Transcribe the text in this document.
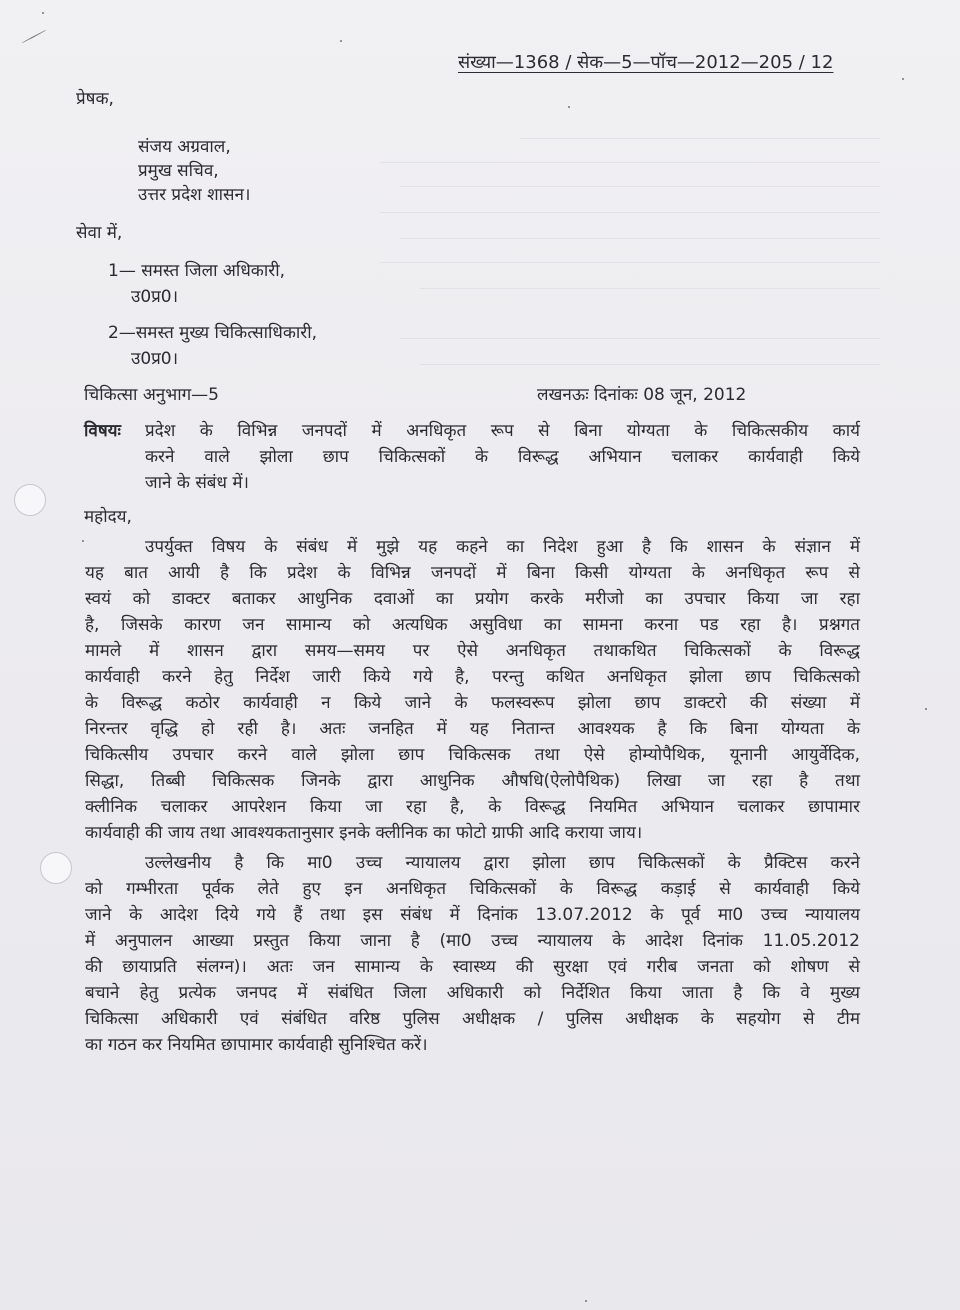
संख्या—1368 / सेक—5—पॉच—2012—205 / 12
प्रेषक,
संजय अग्रवाल,
प्रमुख सचिव,
उत्तर प्रदेश शासन।
सेवा में,
1— समस्त जिला अधिकारी,
उ0प्र0।
2—समस्त मुख्य चिकित्साधिकारी,
उ0प्र0।
चिकित्सा अनुभाग—5	लखनऊः दिनांकः 08 जून, 2012
विषयः प्रदेश के विभिन्न जनपदों में अनधिकृत रूप से बिना योग्यता के चिकित्सकीय कार्य
करने वाले झोला छाप चिकित्सकों के विरूद्ध अभियान चलाकर कार्यवाही किये
जाने के संबंध में।
महोदय,
उपर्युक्त विषय के संबंध में मुझे यह कहने का निदेश हुआ है कि शासन के संज्ञान में
यह बात आयी है कि प्रदेश के विभिन्न जनपदों में बिना किसी योग्यता के अनधिकृत रूप से
स्वयं को डाक्टर बताकर आधुनिक दवाओं का प्रयोग करके मरीजो का उपचार किया जा रहा
है, जिसके कारण जन सामान्य को अत्यधिक असुविधा का सामना करना पड रहा है। प्रश्नगत
मामले में शासन द्वारा समय—समय पर ऐसे अनधिकृत तथाकथित चिकित्सकों के विरूद्ध
कार्यवाही करने हेतु निर्देश जारी किये गये है, परन्तु कथित अनधिकृत झोला छाप चिकित्सको
के विरूद्ध कठोर कार्यवाही न किये जाने के फलस्वरूप झोला छाप डाक्टरो की संख्या में
निरन्तर वृद्धि हो रही है। अतः जनहित में यह नितान्त आवश्यक है कि बिना योग्यता के
चिकित्सीय उपचार करने वाले झोला छाप चिकित्सक तथा ऐसे होम्योपैथिक, यूनानी आयुर्वेदिक,
सिद्धा, तिब्बी चिकित्सक जिनके द्वारा आधुनिक औषधि(ऐलोपैथिक) लिखा जा रहा है तथा
क्लीनिक चलाकर आपरेशन किया जा रहा है, के विरूद्ध नियमित अभियान चलाकर छापामार
कार्यवाही की जाय तथा आवश्यकतानुसार इनके क्लीनिक का फोटो ग्राफी आदि कराया जाय।
उल्लेखनीय है कि मा0 उच्च न्यायालय द्वारा झोला छाप चिकित्सकों के प्रैक्टिस करने
को गम्भीरता पूर्वक लेते हुए इन अनधिकृत चिकित्सकों के विरूद्ध कड़ाई से कार्यवाही किये
जाने के आदेश दिये गये हैं तथा इस संबंध में दिनांक 13.07.2012 के पूर्व मा0 उच्च न्यायालय
में अनुपालन आख्या प्रस्तुत किया जाना है (मा0 उच्च न्यायालय के आदेश दिनांक 11.05.2012
की छायाप्रति संलग्न)। अतः जन सामान्य के स्वास्थ्य की सुरक्षा एवं गरीब जनता को शोषण से
बचाने हेतु प्रत्येक जनपद में संबंधित जिला अधिकारी को निर्देशित किया जाता है कि वे मुख्य
चिकित्सा अधिकारी एवं संबंधित वरिष्ठ पुलिस अधीक्षक / पुलिस अधीक्षक के सहयोग से टीम
का गठन कर नियमित छापामार कार्यवाही सुनिश्चित करें।
